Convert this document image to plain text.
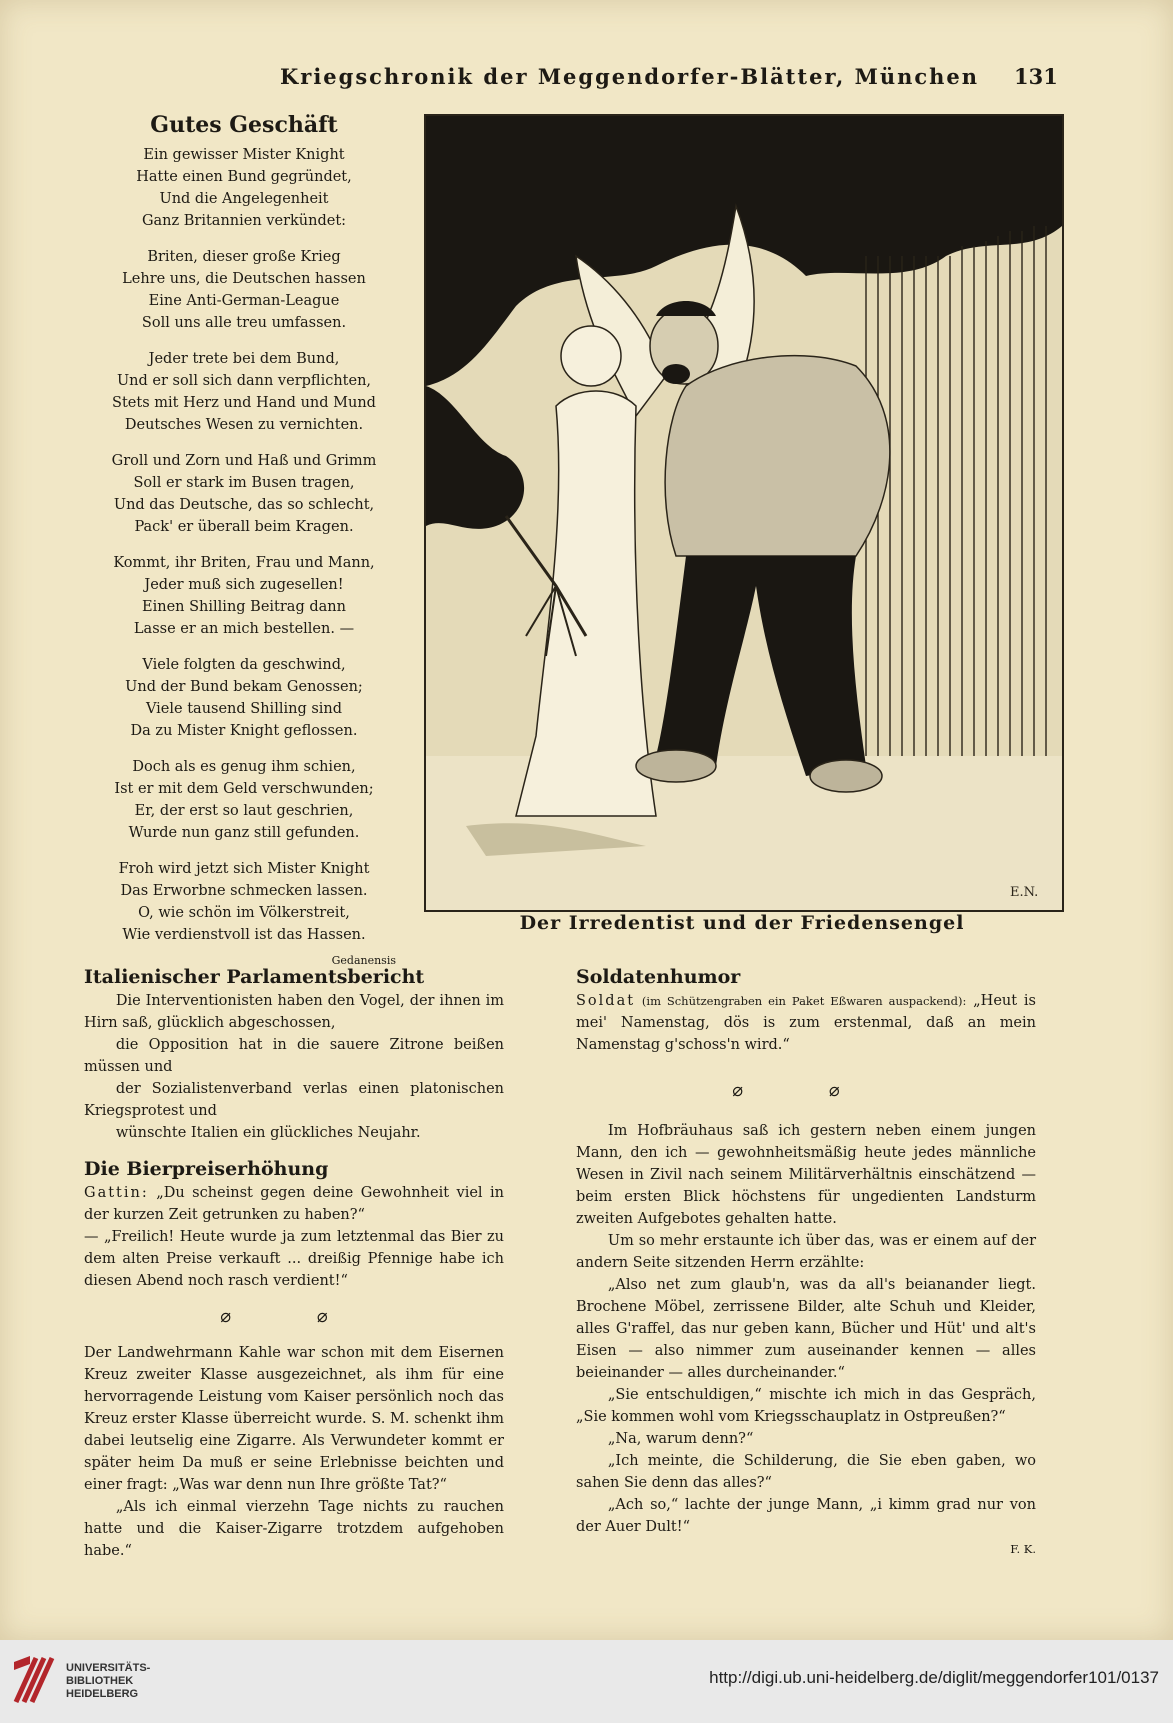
Kriegschronik der Meggendorfer-Blätter, München 131
Gutes Geschäft
Ein gewisser Mister Knight
Hatte einen Bund gegründet,
Und die Angelegenheit
Ganz Britannien verkündet:
Briten, dieser große Krieg
Lehre uns, die Deutschen hassen
Eine Anti-German-League
Soll uns alle treu umfassen.
Jeder trete bei dem Bund,
Und er soll sich dann verpflichten,
Stets mit Herz und Hand und Mund
Deutsches Wesen zu vernichten.
Groll und Zorn und Haß und Grimm
Soll er stark im Busen tragen,
Und das Deutsche, das so schlecht,
Pack' er überall beim Kragen.
Kommt, ihr Briten, Frau und Mann,
Jeder muß sich zugesellen!
Einen Shilling Beitrag dann
Lasse er an mich bestellen. —
Viele folgten da geschwind,
Und der Bund bekam Genossen;
Viele tausend Shilling sind
Da zu Mister Knight geflossen.
Doch als es genug ihm schien,
Ist er mit dem Geld verschwunden;
Er, der erst so laut geschrien,
Wurde nun ganz still gefunden.
Froh wird jetzt sich Mister Knight
Das Erworbne schmecken lassen.
O, wie schön im Völkerstreit,
Wie verdienstvoll ist das Hassen.
Gedanensis
E.N.
Der Irredentist und der Friedensengel
Italienischer Parlamentsbericht

Die Interventionisten haben den Vogel, der ihnen im Hirn saß, glücklich abgeschossen,

die Opposition hat in die sauere Zitrone beißen müssen und

der Sozialistenverband verlas einen platonischen Kriegsprotest und

wünschte Italien ein glückliches Neujahr.

Die Bierpreiserhöhung

Gattin: „Du scheinst gegen deine Gewohnheit viel in der kurzen Zeit getrunken zu haben?“

— „Freilich! Heute wurde ja zum letztenmal das Bier zu dem alten Preise verkauft ... dreißig Pfennige habe ich diesen Abend noch rasch verdient!“

⌀ ⌀

Der Landwehrmann Kahle war schon mit dem Eisernen Kreuz zweiter Klasse ausgezeichnet, als ihm für eine hervorragende Leistung vom Kaiser persönlich noch das Kreuz erster Klasse überreicht wurde. S. M. schenkt ihm dabei leutselig eine Zigarre. Als Verwundeter kommt er später heim Da muß er seine Erlebnisse beichten und einer fragt: „Was war denn nun Ihre größte Tat?“

„Als ich einmal vierzehn Tage nichts zu rauchen hatte und die Kaiser-Zigarre trotzdem aufgehoben habe.“

Soldatenhumor

Soldat (im Schützengraben ein Paket Eßwaren auspackend): „Heut is mei' Namenstag, dös is zum erstenmal, daß an mein Namenstag g'schoss'n wird.“

⌀ ⌀

Im Hofbräuhaus saß ich gestern neben einem jungen Mann, den ich — gewohnheitsmäßig heute jedes männliche Wesen in Zivil nach seinem Militärverhältnis einschätzend — beim ersten Blick höchstens für ungedienten Landsturm zweiten Aufgebotes gehalten hatte.

Um so mehr erstaunte ich über das, was er einem auf der andern Seite sitzenden Herrn erzählte:

„Also net zum glaub'n, was da all's beianander liegt. Brochene Möbel, zerrissene Bilder, alte Schuh und Kleider, alles G'raffel, das nur geben kann, Bücher und Hüt' und alt's Eisen — also nimmer zum auseinander kennen — alles beieinander — alles durcheinander.“

„Sie entschuldigen,“ mischte ich mich in das Gespräch, „Sie kommen wohl vom Kriegsschauplatz in Ostpreußen?“

„Na, warum denn?“

„Ich meinte, die Schilderung, die Sie eben gaben, wo sahen Sie denn das alles?“

„Ach so,“ lachte der junge Mann, „i kimm grad nur von der Auer Dult!“

F. K.

UNIVERSITÄTS-
BIBLIOTHEK
HEIDELBERG
http://digi.ub.uni-heidelberg.de/diglit/meggendorfer101/0137
